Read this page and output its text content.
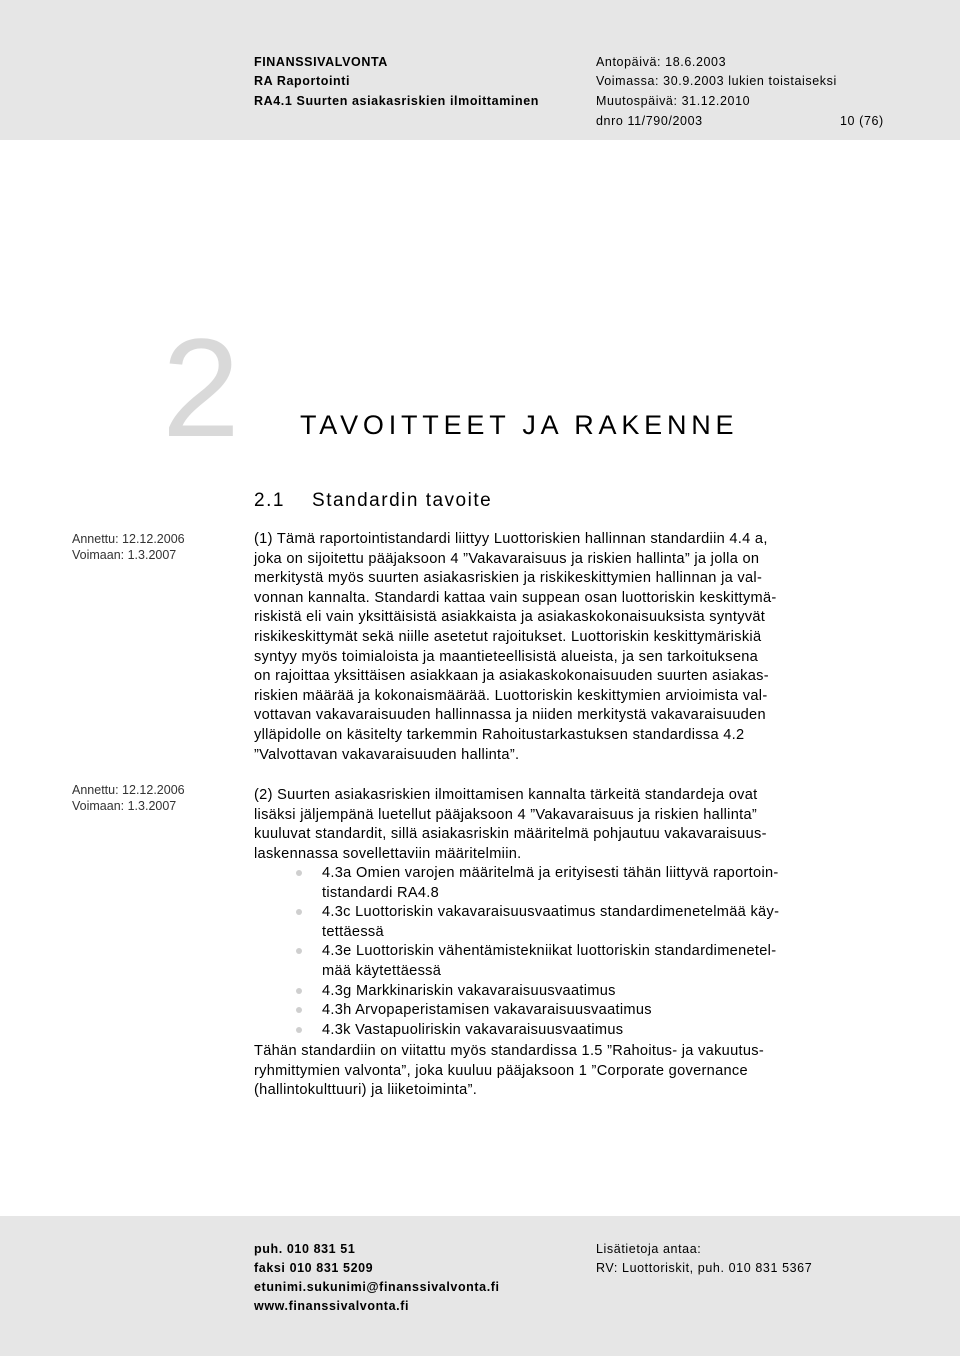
FINANSSIVALVONTA
RA Raportointi
RA4.1 Suurten asiakasriskien ilmoittaminen
Antopäivä: 18.6.2003
Voimassa: 30.9.2003 lukien toistaiseksi
Muutospäivä: 31.12.2010
dnro 11/790/2003	10 (76)
2 TAVOITTEET JA RAKENNE
2.1    Standardin tavoite
Annettu: 12.12.2006
Voimaan: 1.3.2007
Annettu: 12.12.2006
Voimaan: 1.3.2007
(1) Tämä raportointistandardi liittyy Luottoriskien hallinnan standardiin 4.4 a,
joka on sijoitettu pääjaksoon 4 ”Vakavaraisuus ja riskien hallinta” ja jolla on
merkitystä myös suurten asiakasriskien ja riskikeskittymien hallinnan ja val-
vonnan kannalta. Standardi kattaa vain suppean osan luottoriskin keskittymä-
riskistä eli vain yksittäisistä asiakkaista ja asiakaskokonaisuuksista syntyvät
riskikeskittymät sekä niille asetetut rajoitukset. Luottoriskin keskittymäriskiä
syntyy myös toimialoista ja maantieteellisistä alueista, ja sen tarkoituksena
on rajoittaa yksittäisen asiakkaan ja asiakaskokonaisuuden suurten asiakas-
riskien määrää ja kokonaismäärää. Luottoriskin keskittymien arvioimista val-
vottavan vakavaraisuuden hallinnassa ja niiden merkitystä vakavaraisuuden
ylläpidolle on käsitelty tarkemmin Rahoitustarkastuksen standardissa 4.2
”Valvottavan vakavaraisuuden hallinta”.
(2) Suurten asiakasriskien ilmoittamisen kannalta tärkeitä standardeja ovat
lisäksi jäljempänä luetellut pääjaksoon 4 ”Vakavaraisuus ja riskien hallinta”
kuuluvat standardit, sillä asiakasriskin määritelmä pohjautuu vakavaraisuus-
laskennassa sovellettaviin määritelmiin.
4.3a Omien varojen määritelmä ja erityisesti tähän liittyvä raportoin-
tistandardi RA4.8
4.3c Luottoriskin vakavaraisuusvaatimus standardimenetelmää käy-
tettäessä
4.3e Luottoriskin vähentämistekniikat luottoriskin standardimenetel-
mää käytettäessä
4.3g Markkinariskin vakavaraisuusvaatimus
4.3h Arvopaperistamisen vakavaraisuusvaatimus
4.3k Vastapuoliriskin vakavaraisuusvaatimus
Tähän standardiin on viitattu myös standardissa 1.5 ”Rahoitus- ja vakuutus-
ryhmittymien valvonta”, joka kuuluu pääjaksoon 1 ”Corporate governance
(hallintokulttuuri) ja liiketoiminta”.
puh. 010 831 51
faksi 010 831 5209
etunimi.sukunimi@finanssivalvonta.fi
www.finanssivalvonta.fi
Lisätietoja antaa:
RV: Luottoriskit, puh. 010 831 5367
